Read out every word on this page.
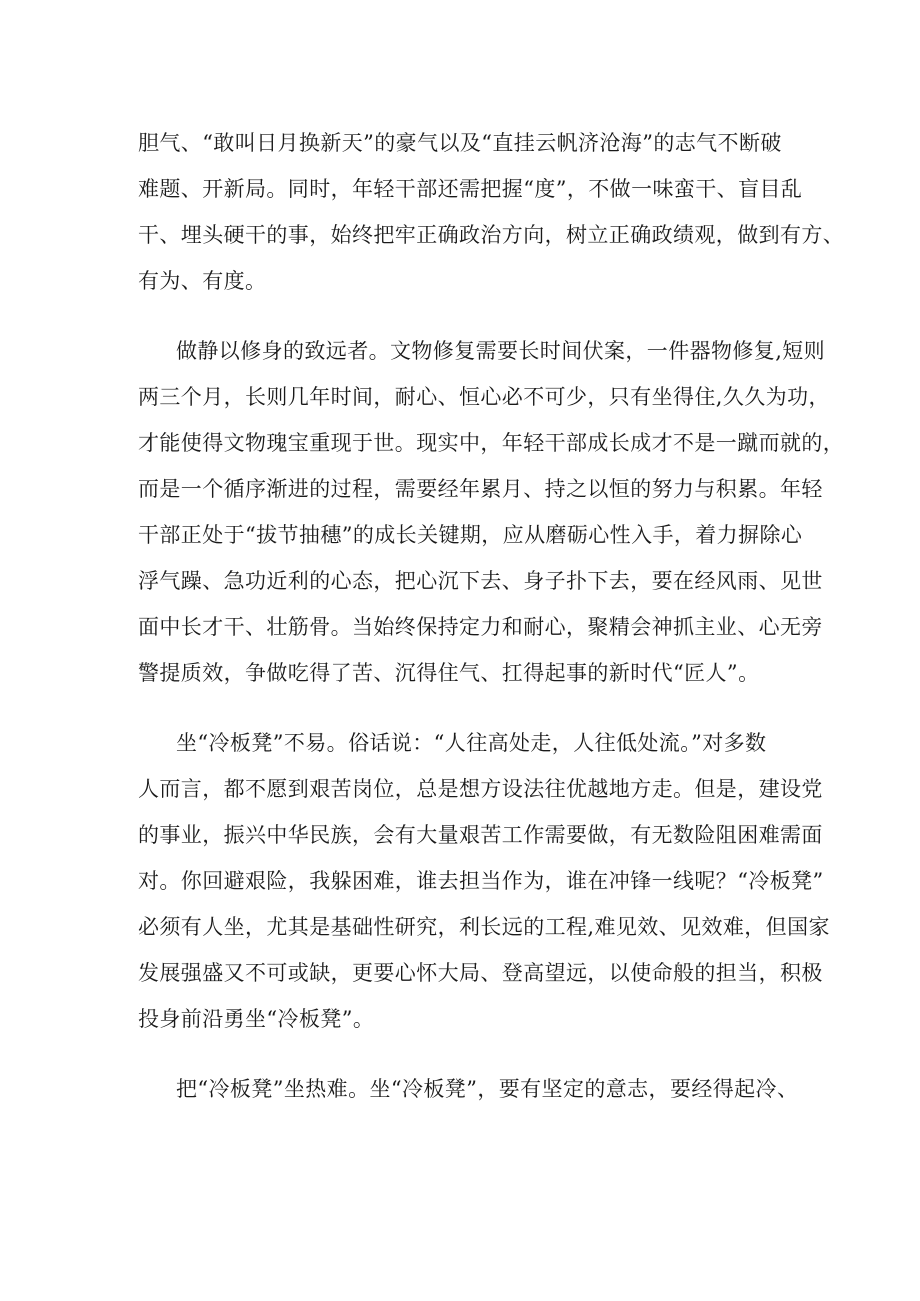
胆气、“敢叫日月换新天”的豪气以及“直挂云帆济沧海”的志气不断破
难题、开新局。同时，年轻干部还需把握“度”，不做一味蛮干、盲目乱
干、埋头硬干的事，始终把牢正确政治方向，树立正确政绩观，做到有方、
有为、有度。
做静以修身的致远者。文物修复需要长时间伏案，一件器物修复,短则
两三个月，长则几年时间，耐心、恒心必不可少，只有坐得住,久久为功，
才能使得文物瑰宝重现于世。现实中，年轻干部成长成才不是一蹴而就的，
而是一个循序渐进的过程，需要经年累月、持之以恒的努力与积累。年轻
干部正处于“拔节抽穗”的成长关键期，应从磨砺心性入手，着力摒除心
浮气躁、急功近利的心态，把心沉下去、身子扑下去，要在经风雨、见世
面中长才干、壮筋骨。当始终保持定力和耐心，聚精会神抓主业、心无旁
警提质效，争做吃得了苦、沉得住气、扛得起事的新时代“匠人”。
坐“冷板凳”不易。俗话说：“人往高处走，人往低处流。”对多数
人而言，都不愿到艰苦岗位，总是想方设法往优越地方走。但是，建设党
的事业，振兴中华民族，会有大量艰苦工作需要做，有无数险阻困难需面
对。你回避艰险，我躲困难，谁去担当作为，谁在冲锋一线呢？“冷板凳”
必须有人坐，尤其是基础性研究，利长远的工程,难见效、见效难，但国家
发展强盛又不可或缺，更要心怀大局、登高望远，以使命般的担当，积极
投身前沿勇坐“冷板凳”。
把“冷板凳”坐热难。坐“冷板凳”，要有坚定的意志，要经得起冷、
